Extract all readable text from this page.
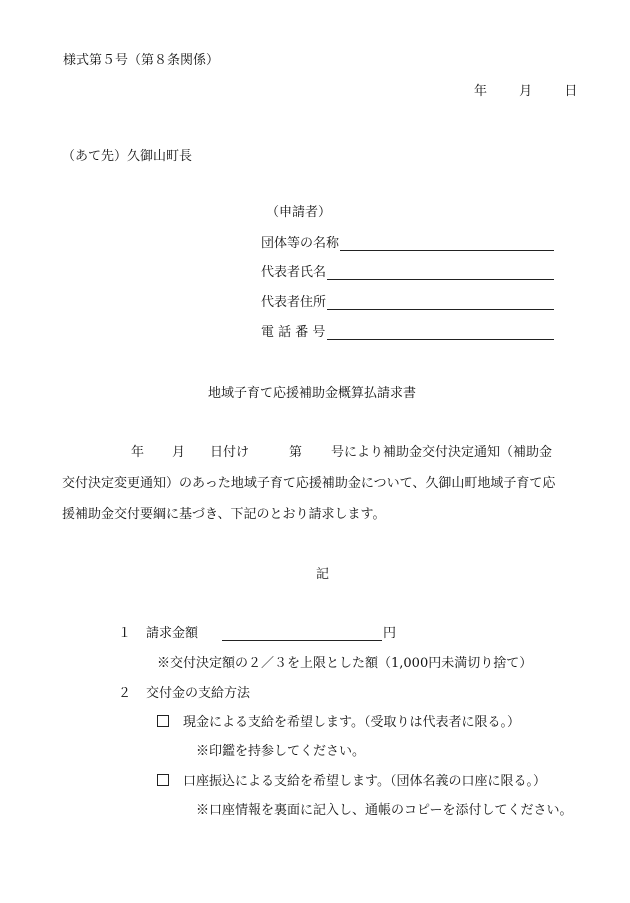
様式第５号（第８条関係）
年 月 日
（あて先）久御山町長
（申請者）
団体等の名称
代表者氏名
代表者住所
電 話 番 号
地域子育て応援補助金概算払請求書
年 月 日付け	第 号により補助金交付決定通知（補助金
交付決定変更通知）のあった地域子育て応援補助金について、久御山町地域子育て応
援補助金交付要綱に基づき、下記のとおり請求します。
記
１ 請求金額	円
※交付決定額の２／３を上限とした額（1,000円未満切り捨て）
２ 交付金の支給方法
現金による支給を希望します。（受取りは代表者に限る。）
※印鑑を持参してください。
口座振込による支給を希望します。（団体名義の口座に限る。）
※口座情報を裏面に記入し、通帳のコピーを添付してください。
